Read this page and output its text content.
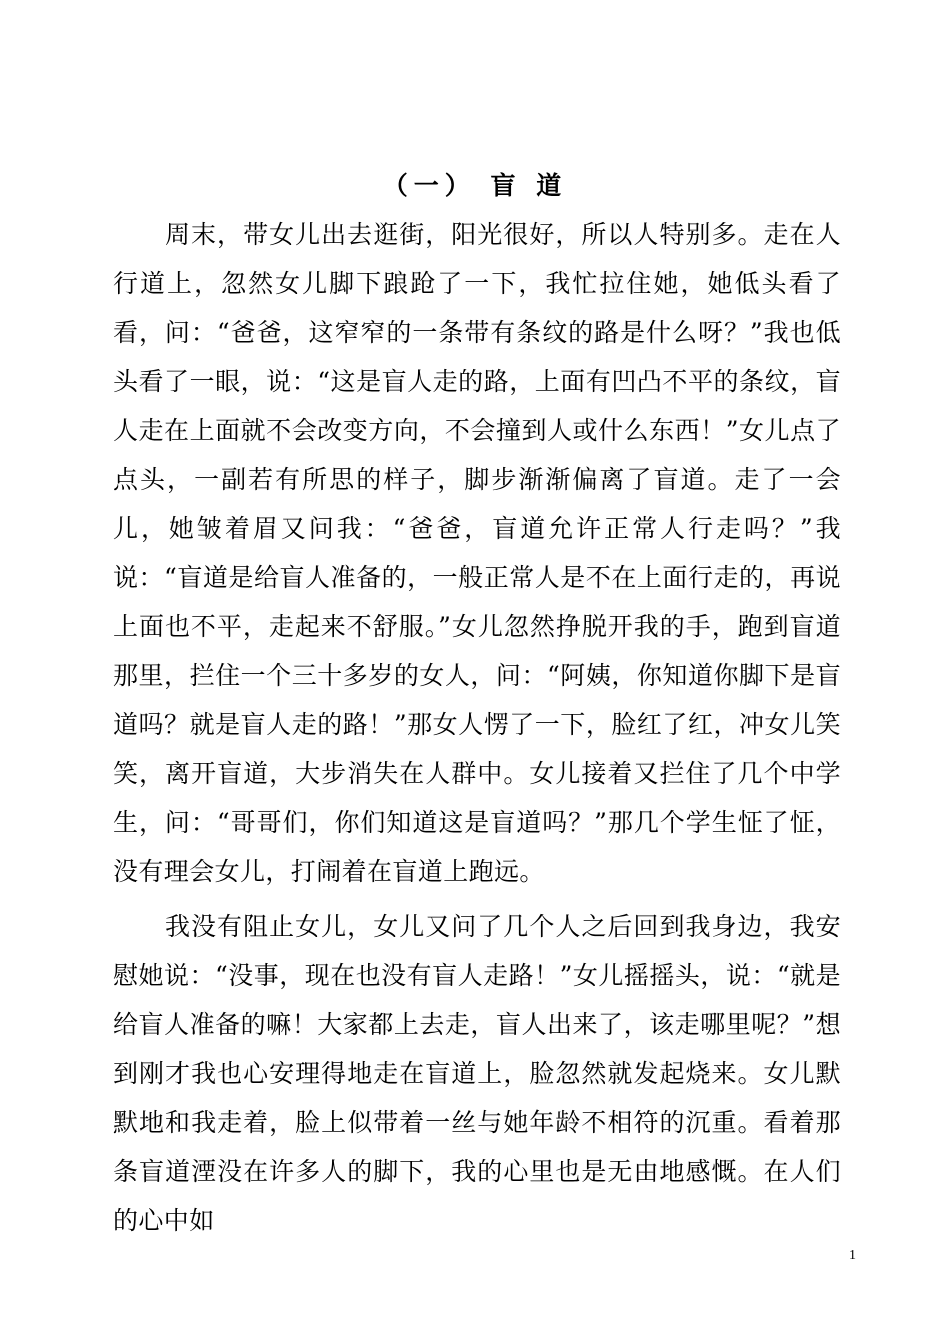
（一） 盲 道

周末，带女儿出去逛街，阳光很好，所以人特别多。走在人行道上，忽然女儿脚下踉跄了一下，我忙拉住她，她低头看了看，问：“爸爸，这窄窄的一条带有条纹的路是什么呀？”我也低头看了一眼，说：“这是盲人走的路，上面有凹凸不平的条纹，盲人走在上面就不会改变方向，不会撞到人或什么东西！”女儿点了点头，一副若有所思的样子，脚步渐渐偏离了盲道。走了一会儿，她皱着眉又问我：“爸爸，盲道允许正常人行走吗？”我说：“盲道是给盲人准备的，一般正常人是不在上面行走的，再说上面也不平，走起来不舒服。”女儿忽然挣脱开我的手，跑到盲道那里，拦住一个三十多岁的女人，问：“阿姨，你知道你脚下是盲道吗？就是盲人走的路！”那女人愣了一下，脸红了红，冲女儿笑笑，离开盲道，大步消失在人群中。女儿接着又拦住了几个中学生，问：“哥哥们，你们知道这是盲道吗？”那几个学生怔了怔，没有理会女儿，打闹着在盲道上跑远。

我没有阻止女儿，女儿又问了几个人之后回到我身边，我安慰她说：“没事，现在也没有盲人走路！”女儿摇摇头，说：“就是给盲人准备的嘛！大家都上去走，盲人出来了，该走哪里呢？”想到刚才我也心安理得地走在盲道上，脸忽然就发起烧来。女儿默默地和我走着，脸上似带着一丝与她年龄不相符的沉重。看着那条盲道湮没在许多人的脚下，我的心里也是无由地感慨。在人们的心中如

1
